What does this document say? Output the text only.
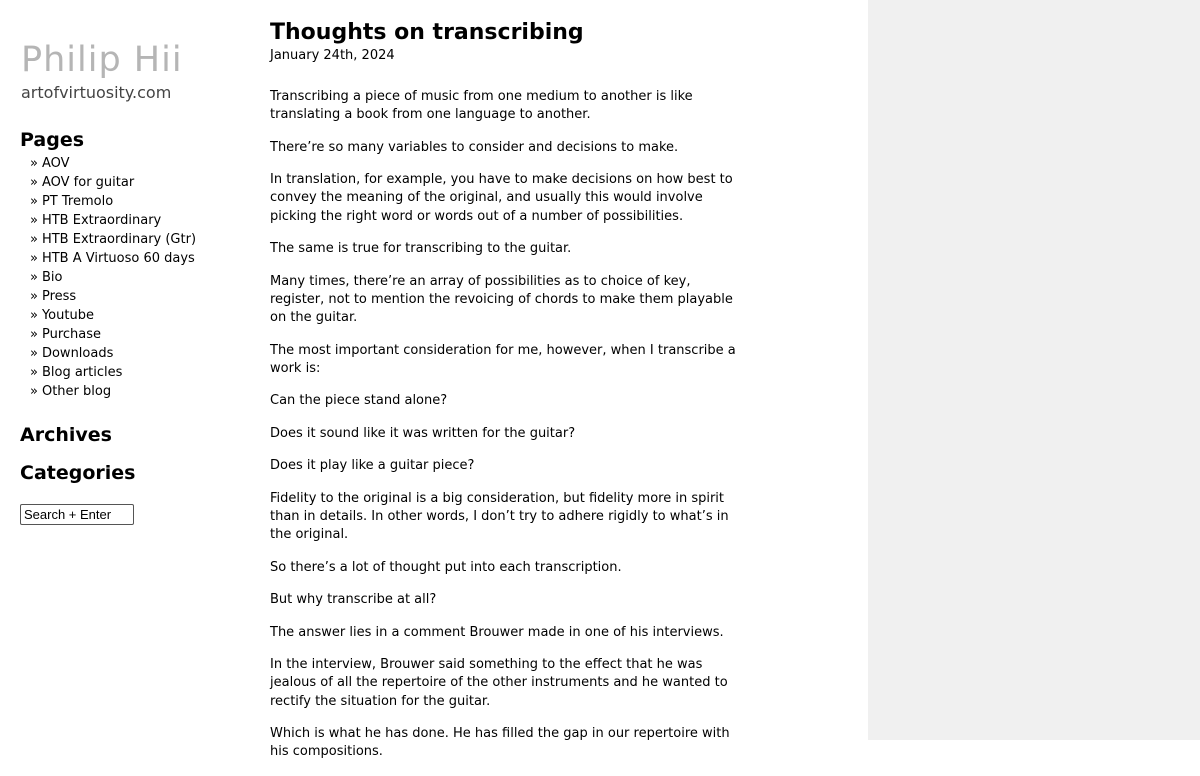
Philip Hii
artofvirtuosity.com
Pages
» AOV
» AOV for guitar
» PT Tremolo
» HTB Extraordinary
» HTB Extraordinary (Gtr)
» HTB A Virtuoso 60 days
» Bio
» Press
» Youtube
» Purchase
» Downloads
» Blog articles
» Other blog
Archives
Categories
Search + Enter
Thoughts on transcribing
January 24th, 2024

Transcribing a piece of music from one medium to another is like translating a book from one language to another.

There’re so many variables to consider and decisions to make.

In translation, for example, you have to make decisions on how best to convey the meaning of the original, and usually this would involve picking the right word or words out of a number of possibilities.

The same is true for transcribing to the guitar.

Many times, there’re an array of possibilities as to choice of key, register, not to mention the revoicing of chords to make them playable on the guitar.

The most important consideration for me, however, when I transcribe a work is:

Can the piece stand alone?

Does it sound like it was written for the guitar?

Does it play like a guitar piece?

Fidelity to the original is a big consideration, but fidelity more in spirit than in details. In other words, I don’t try to adhere rigidly to what’s in the original.

So there’s a lot of thought put into each transcription.

But why transcribe at all?

The answer lies in a comment Brouwer made in one of his interviews.

In the interview, Brouwer said something to the effect that he was jealous of all the repertoire of the other instruments and he wanted to rectify the situation for the guitar.

Which is what he has done. He has filled the gap in our repertoire with his compositions.
